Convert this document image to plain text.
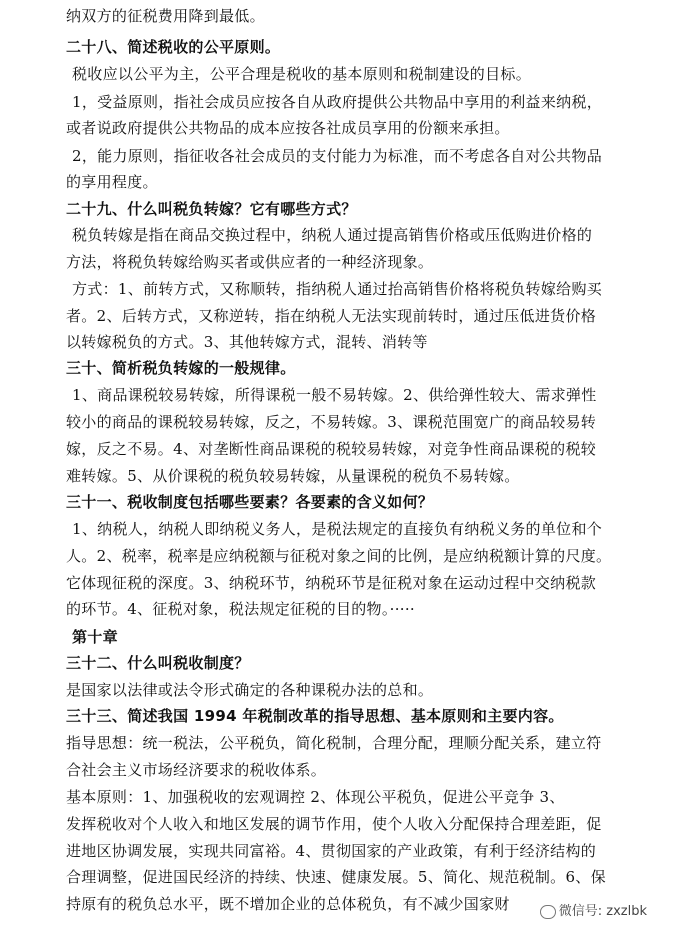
纳双方的征税费用降到最低。
二十八、简述税收的公平原则。
税收应以公平为主，公平合理是税收的基本原则和税制建设的目标。
1，受益原则，指社会成员应按各自从政府提供公共物品中享用的利益来纳税，
或者说政府提供公共物品的成本应按各社成员享用的份额来承担。
2，能力原则，指征收各社会成员的支付能力为标准，而不考虑各自对公共物品
的享用程度。
二十九、什么叫税负转嫁？它有哪些方式？
税负转嫁是指在商品交换过程中，纳税人通过提高销售价格或压低购进价格的
方法，将税负转嫁给购买者或供应者的一种经济现象。
方式：1、前转方式，又称顺转，指纳税人通过抬高销售价格将税负转嫁给购买
者。2、后转方式，又称逆转，指在纳税人无法实现前转时，通过压低进货价格
以转嫁税负的方式。3、其他转嫁方式，混转、消转等
三十、简析税负转嫁的一般规律。
1、商品课税较易转嫁，所得课税一般不易转嫁。2、供给弹性较大、需求弹性
较小的商品的课税较易转嫁，反之，不易转嫁。3、课税范围宽广的商品较易转
嫁，反之不易。4、对垄断性商品课税的税较易转嫁，对竞争性商品课税的税较
难转嫁。5、从价课税的税负较易转嫁，从量课税的税负不易转嫁。
三十一、税收制度包括哪些要素？各要素的含义如何？
1、纳税人，纳税人即纳税义务人，是税法规定的直接负有纳税义务的单位和个
人。2、税率，税率是应纳税额与征税对象之间的比例，是应纳税额计算的尺度。
它体现征税的深度。3、纳税环节，纳税环节是征税对象在运动过程中交纳税款
的环节。4、征税对象，税法规定征税的目的物。·····
第十章
三十二、什么叫税收制度？
是国家以法律或法令形式确定的各种课税办法的总和。
三十三、简述我国 1994 年税制改革的指导思想、基本原则和主要内容。
指导思想：统一税法，公平税负，简化税制，合理分配，理顺分配关系，建立符
合社会主义市场经济要求的税收体系。
基本原则：1、加强税收的宏观调控 2、体现公平税负，促进公平竞争 3、
发挥税收对个人收入和地区发展的调节作用，使个人收入分配保持合理差距，促
进地区协调发展，实现共同富裕。4、贯彻国家的产业政策，有利于经济结构的
合理调整，促进国民经济的持续、快速、健康发展。5、简化、规范税制。6、保
持原有的税负总水平，既不增加企业的总体税负，有不减少国家财	微信号: zxzlbk
